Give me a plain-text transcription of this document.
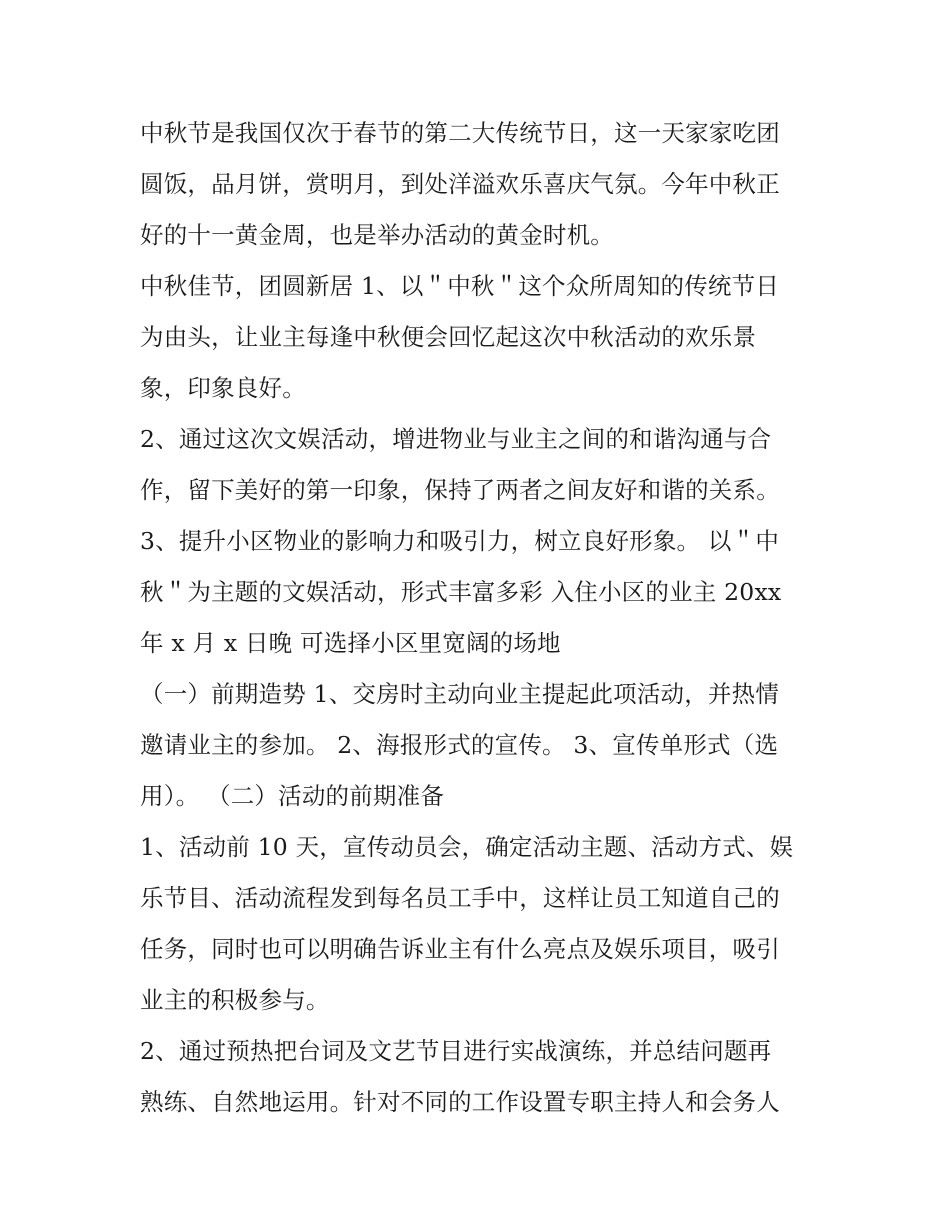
中秋节是我国仅次于春节的第二大传统节日，这一天家家吃团
圆饭，品月饼，赏明月，到处洋溢欢乐喜庆气氛。今年中秋正
好的十一黄金周，也是举办活动的黄金时机。
中秋佳节，团圆新居 1、以＂中秋＂这个众所周知的传统节日
为由头，让业主每逢中秋便会回忆起这次中秋活动的欢乐景
象，印象良好。
2、通过这次文娱活动，增进物业与业主之间的和谐沟通与合
作，留下美好的第一印象，保持了两者之间友好和谐的关系。
3、提升小区物业的影响力和吸引力，树立良好形象。 以＂中
秋＂为主题的文娱活动，形式丰富多彩 入住小区的业主 20xx
年 x 月 x 日晚 可选择小区里宽阔的场地
（一）前期造势 1、交房时主动向业主提起此项活动，并热情
邀请业主的参加。 2、海报形式的宣传。 3、宣传单形式（选
用）。 （二）活动的前期准备
1、活动前 10 天，宣传动员会，确定活动主题、活动方式、娱
乐节目、活动流程发到每名员工手中，这样让员工知道自己的
任务，同时也可以明确告诉业主有什么亮点及娱乐项目，吸引
业主的积极参与。
2、通过预热把台词及文艺节目进行实战演练，并总结问题再
熟练、自然地运用。针对不同的工作设置专职主持人和会务人
